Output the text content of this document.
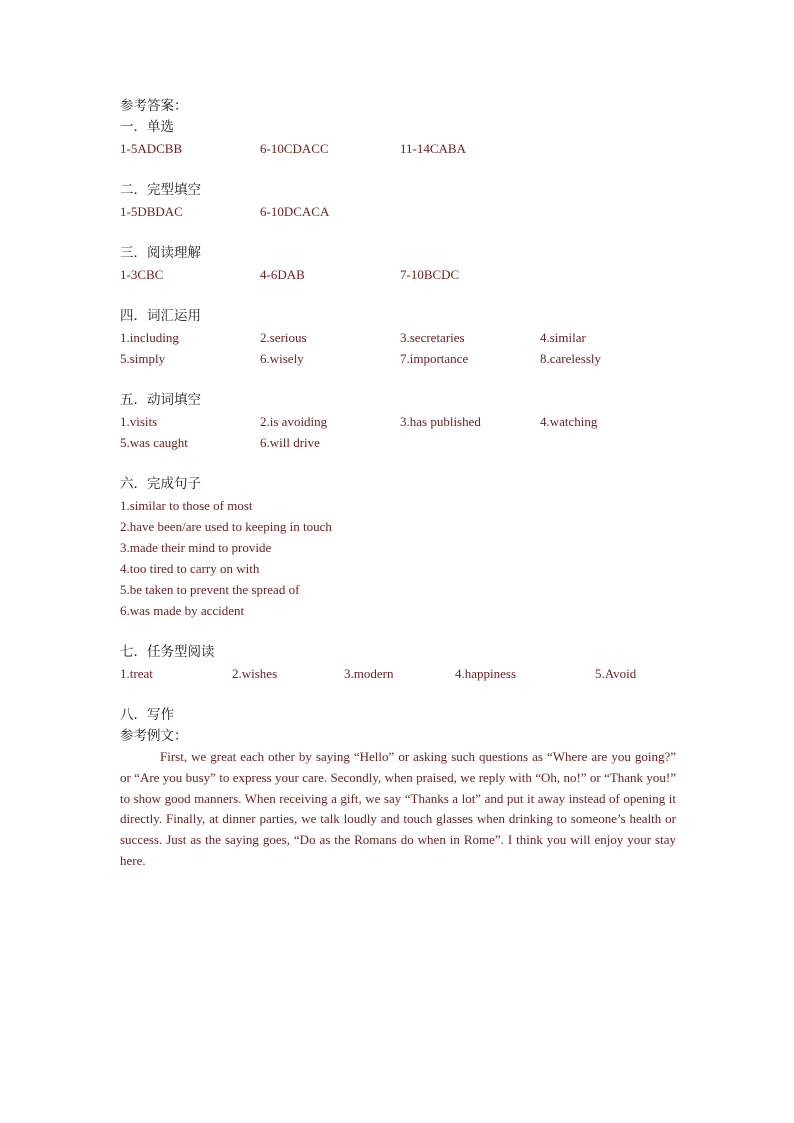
参考答案：
一．单选
1-5ADCBB	6-10CDACC	11-14CABA
二．完型填空
1-5DBDAC	6-10DCACA
三．阅读理解
1-3CBC	4-6DAB	7-10BCDC
四．词汇运用
1.including	2.serious	3.secretaries	4.similar
5.simply	6.wisely	7.importance	8.carelessly
五．动词填空
1.visits	2.is avoiding	3.has published	4.watching
5.was caught	6.will drive
六．完成句子
1.similar to those of most
2.have been/are used to keeping in touch
3.made their mind to provide
4.too tired to carry on with
5.be taken to prevent the spread of
6.was made by accident
七．任务型阅读
1.treat	2.wishes	3.modern	4.happiness	5.Avoid
八．写作
参考例文：

First, we great each other by saying “Hello” or asking such questions as “Where are you going?” or “Are you busy” to express your care. Secondly, when praised, we reply with “Oh, no!” or “Thank you!” to show good manners. When receiving a gift, we say “Thanks a lot” and put it away instead of opening it directly. Finally, at dinner parties, we talk loudly and touch glasses when drinking to someone’s health or success. Just as the saying goes, “Do as the Romans do when in Rome”. I think you will enjoy your stay here.
